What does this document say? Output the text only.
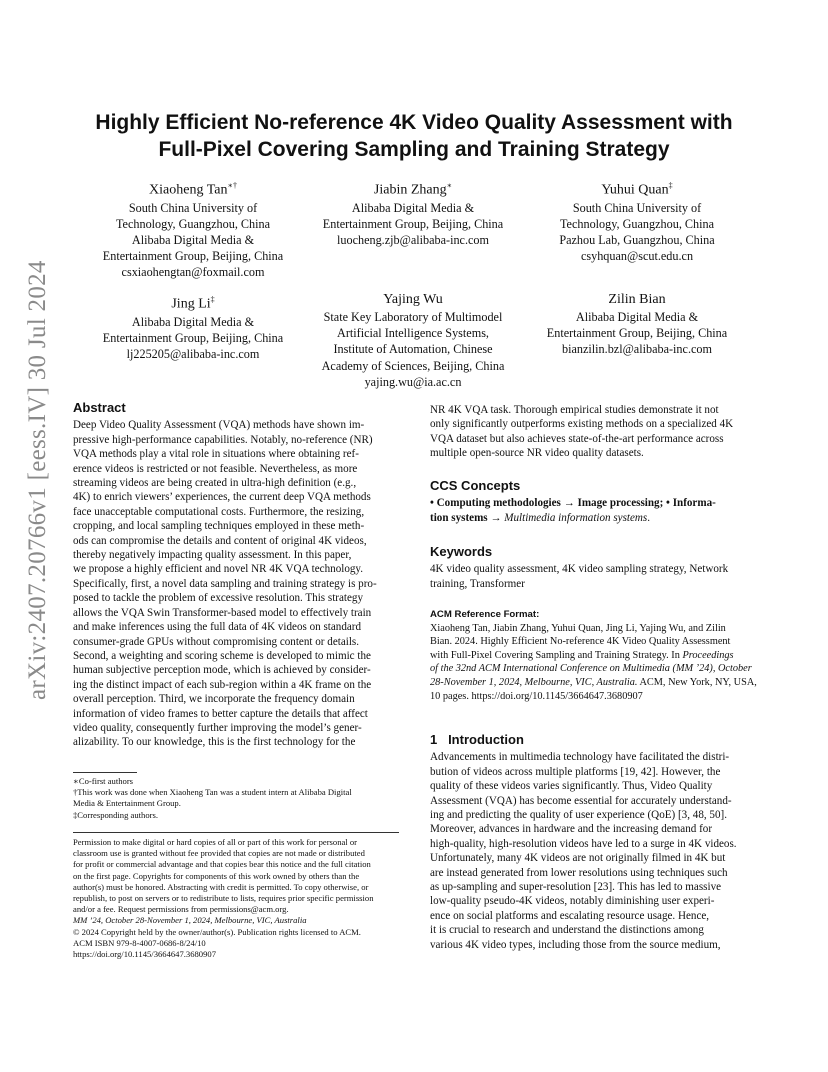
arXiv:2407.20766v1 [eess.IV] 30 Jul 2024
Highly Efficient No-reference 4K Video Quality Assessment with
Full-Pixel Covering Sampling and Training Strategy
Xiaoheng Tan∗†
South China University of
Technology, Guangzhou, China
Alibaba Digital Media &
Entertainment Group, Beijing, China
csxiaohengtan@foxmail.com
Jiabin Zhang∗
Alibaba Digital Media &
Entertainment Group, Beijing, China
luocheng.zjb@alibaba-inc.com
Yuhui Quan‡
South China University of
Technology, Guangzhou, China
Pazhou Lab, Guangzhou, China
csyhquan@scut.edu.cn
Jing Li‡
Alibaba Digital Media &
Entertainment Group, Beijing, China
lj225205@alibaba-inc.com
Yajing Wu
State Key Laboratory of Multimodel
Artificial Intelligence Systems,
Institute of Automation, Chinese
Academy of Sciences, Beijing, China
yajing.wu@ia.ac.cn
Zilin Bian
Alibaba Digital Media &
Entertainment Group, Beijing, China
bianzilin.bzl@alibaba-inc.com
Abstract
Deep Video Quality Assessment (VQA) methods have shown im-
pressive high-performance capabilities. Notably, no-reference (NR)
VQA methods play a vital role in situations where obtaining ref-
erence videos is restricted or not feasible. Nevertheless, as more
streaming videos are being created in ultra-high definition (e.g.,
4K) to enrich viewers’ experiences, the current deep VQA methods
face unacceptable computational costs. Furthermore, the resizing,
cropping, and local sampling techniques employed in these meth-
ods can compromise the details and content of original 4K videos,
thereby negatively impacting quality assessment. In this paper,
we propose a highly efficient and novel NR 4K VQA technology.
Specifically, first, a novel data sampling and training strategy is pro-
posed to tackle the problem of excessive resolution. This strategy
allows the VQA Swin Transformer-based model to effectively train
and make inferences using the full data of 4K videos on standard
consumer-grade GPUs without compromising content or details.
Second, a weighting and scoring scheme is developed to mimic the
human subjective perception mode, which is achieved by consider-
ing the distinct impact of each sub-region within a 4K frame on the
overall perception. Third, we incorporate the frequency domain
information of video frames to better capture the details that affect
video quality, consequently further improving the model’s gener-
alizability. To our knowledge, this is the first technology for the

∗Co-first authors

†This work was done when Xiaoheng Tan was a student intern at Alibaba Digital

Media & Entertainment Group.

‡Corresponding authors.

Permission to make digital or hard copies of all or part of this work for personal or

classroom use is granted without fee provided that copies are not made or distributed

for profit or commercial advantage and that copies bear this notice and the full citation

on the first page. Copyrights for components of this work owned by others than the

author(s) must be honored. Abstracting with credit is permitted. To copy otherwise, or

republish, to post on servers or to redistribute to lists, requires prior specific permission

and/or a fee. Request permissions from permissions@acm.org.

MM ’24, October 28-November 1, 2024, Melbourne, VIC, Australia

© 2024 Copyright held by the owner/author(s). Publication rights licensed to ACM.

ACM ISBN 979-8-4007-0686-8/24/10

https://doi.org/10.1145/3664647.3680907

NR 4K VQA task. Thorough empirical studies demonstrate it not
only significantly outperforms existing methods on a specialized 4K
VQA dataset but also achieves state-of-the-art performance across
multiple open-source NR video quality datasets.
CCS Concepts
• Computing methodologies → Image processing; • Informa-
tion systems → Multimedia information systems.
Keywords
4K video quality assessment, 4K video sampling strategy, Network
training, Transformer
ACM Reference Format:
Xiaoheng Tan, Jiabin Zhang, Yuhui Quan, Jing Li, Yajing Wu, and Zilin
Bian. 2024. Highly Efficient No-reference 4K Video Quality Assessment
with Full-Pixel Covering Sampling and Training Strategy. In Proceedings
of the 32nd ACM International Conference on Multimedia (MM ’24), October
28-November 1, 2024, Melbourne, VIC, Australia. ACM, New York, NY, USA,
10 pages. https://doi.org/10.1145/3664647.3680907
1   Introduction
Advancements in multimedia technology have facilitated the distri-
bution of videos across multiple platforms [19, 42]. However, the
quality of these videos varies significantly. Thus, Video Quality
Assessment (VQA) has become essential for accurately understand-
ing and predicting the quality of user experience (QoE) [3, 48, 50].
Moreover, advances in hardware and the increasing demand for
high-quality, high-resolution videos have led to a surge in 4K videos.
Unfortunately, many 4K videos are not originally filmed in 4K but
are instead generated from lower resolutions using techniques such
as up-sampling and super-resolution [23]. This has led to massive
low-quality pseudo-4K videos, notably diminishing user experi-
ence on social platforms and escalating resource usage. Hence,
it is crucial to research and understand the distinctions among
various 4K video types, including those from the source medium,
